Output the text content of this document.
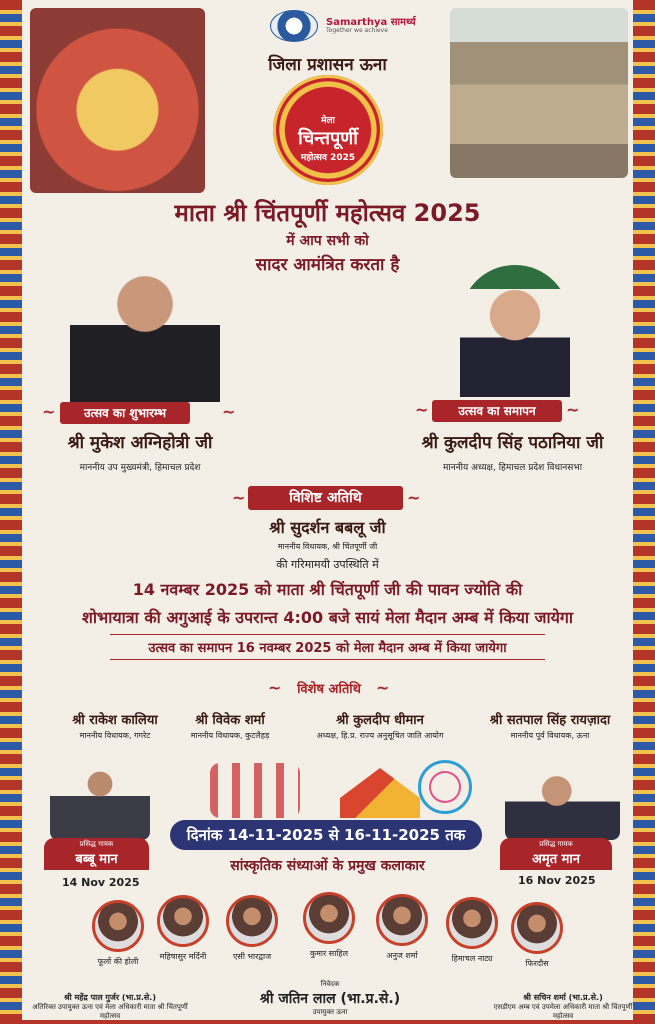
Samarthya सामर्थ्य
Together we achieve
जिला प्रशासन ऊना
मेला
चिन्तपूर्णी
महोत्सव 2025
माता श्री चिंतपूर्णी महोत्सव 2025
में आप सभी को
सादर आमंत्रित करता है
~	उत्सव का शुभारम्भ	~	~	उत्सव का समापन	~
श्री मुकेश अग्निहोत्री जी
माननीय उप मुख्यमंत्री, हिमाचल प्रदेश
श्री कुलदीप सिंह पठानिया जी
माननीय अध्यक्ष, हिमाचल प्रदेश विधानसभा
~	विशिष्ट अतिथि	~
श्री सुदर्शन बबलू जी
माननीय विधायक, श्री चिंतपूर्णी जी
की गरिमामयी उपस्थिति में
14 नवम्बर 2025 को माता श्री चिंतपूर्णी जी की पावन ज्योति की
शोभायात्रा की अगुआई के उपरान्त 4:00 बजे सायं मेला मैदान अम्ब में किया जायेगा
उत्सव का समापन 16 नवम्बर 2025 को मेला मैदान अम्ब में किया जायेगा
~	विशेष अतिथि ~
श्री राकेश कालिया
माननीय विधायक, गगरेट
श्री विवेक शर्मा
माननीय विधायक, कुटलैहड़
श्री कुलदीप धीमान
अध्यक्ष, हि.प्र. राज्य अनुसूचित जाति आयोग
श्री सतपाल सिंह रायज़ादा
माननीय पूर्व विधायक, ऊना
दिनांक 14-11-2025 से 16-11-2025 तक
सांस्कृतिक संध्याओं के प्रमुख कलाकार
प्रसिद्ध गायक
बब्बू मान
14 Nov 2025
प्रसिद्ध गायक
अमृत मान
16 Nov 2025
फूलों की होली
महिषासुर मर्दिनी	एसी भारद्वाज	कुमार साहिल	अनुज शर्मा	हिमाचल नाट्य
फिरदौस
श्री महेंद्र पाल गुर्जर (भा.प्र.से.)
अतिरिक्त उपायुक्त ऊना एवं मेला अधिकारी माता श्री चिंतपूर्णी महोत्सव
निवेदक
श्री जतिन लाल (भा.प्र.से.)
उपायुक्त ऊना
श्री सचिन शर्मा (भा.प्र.से.)
एसडीएम अम्ब एवं उपमेला अधिकारी माता श्री चिंतपूर्णी महोत्सव
